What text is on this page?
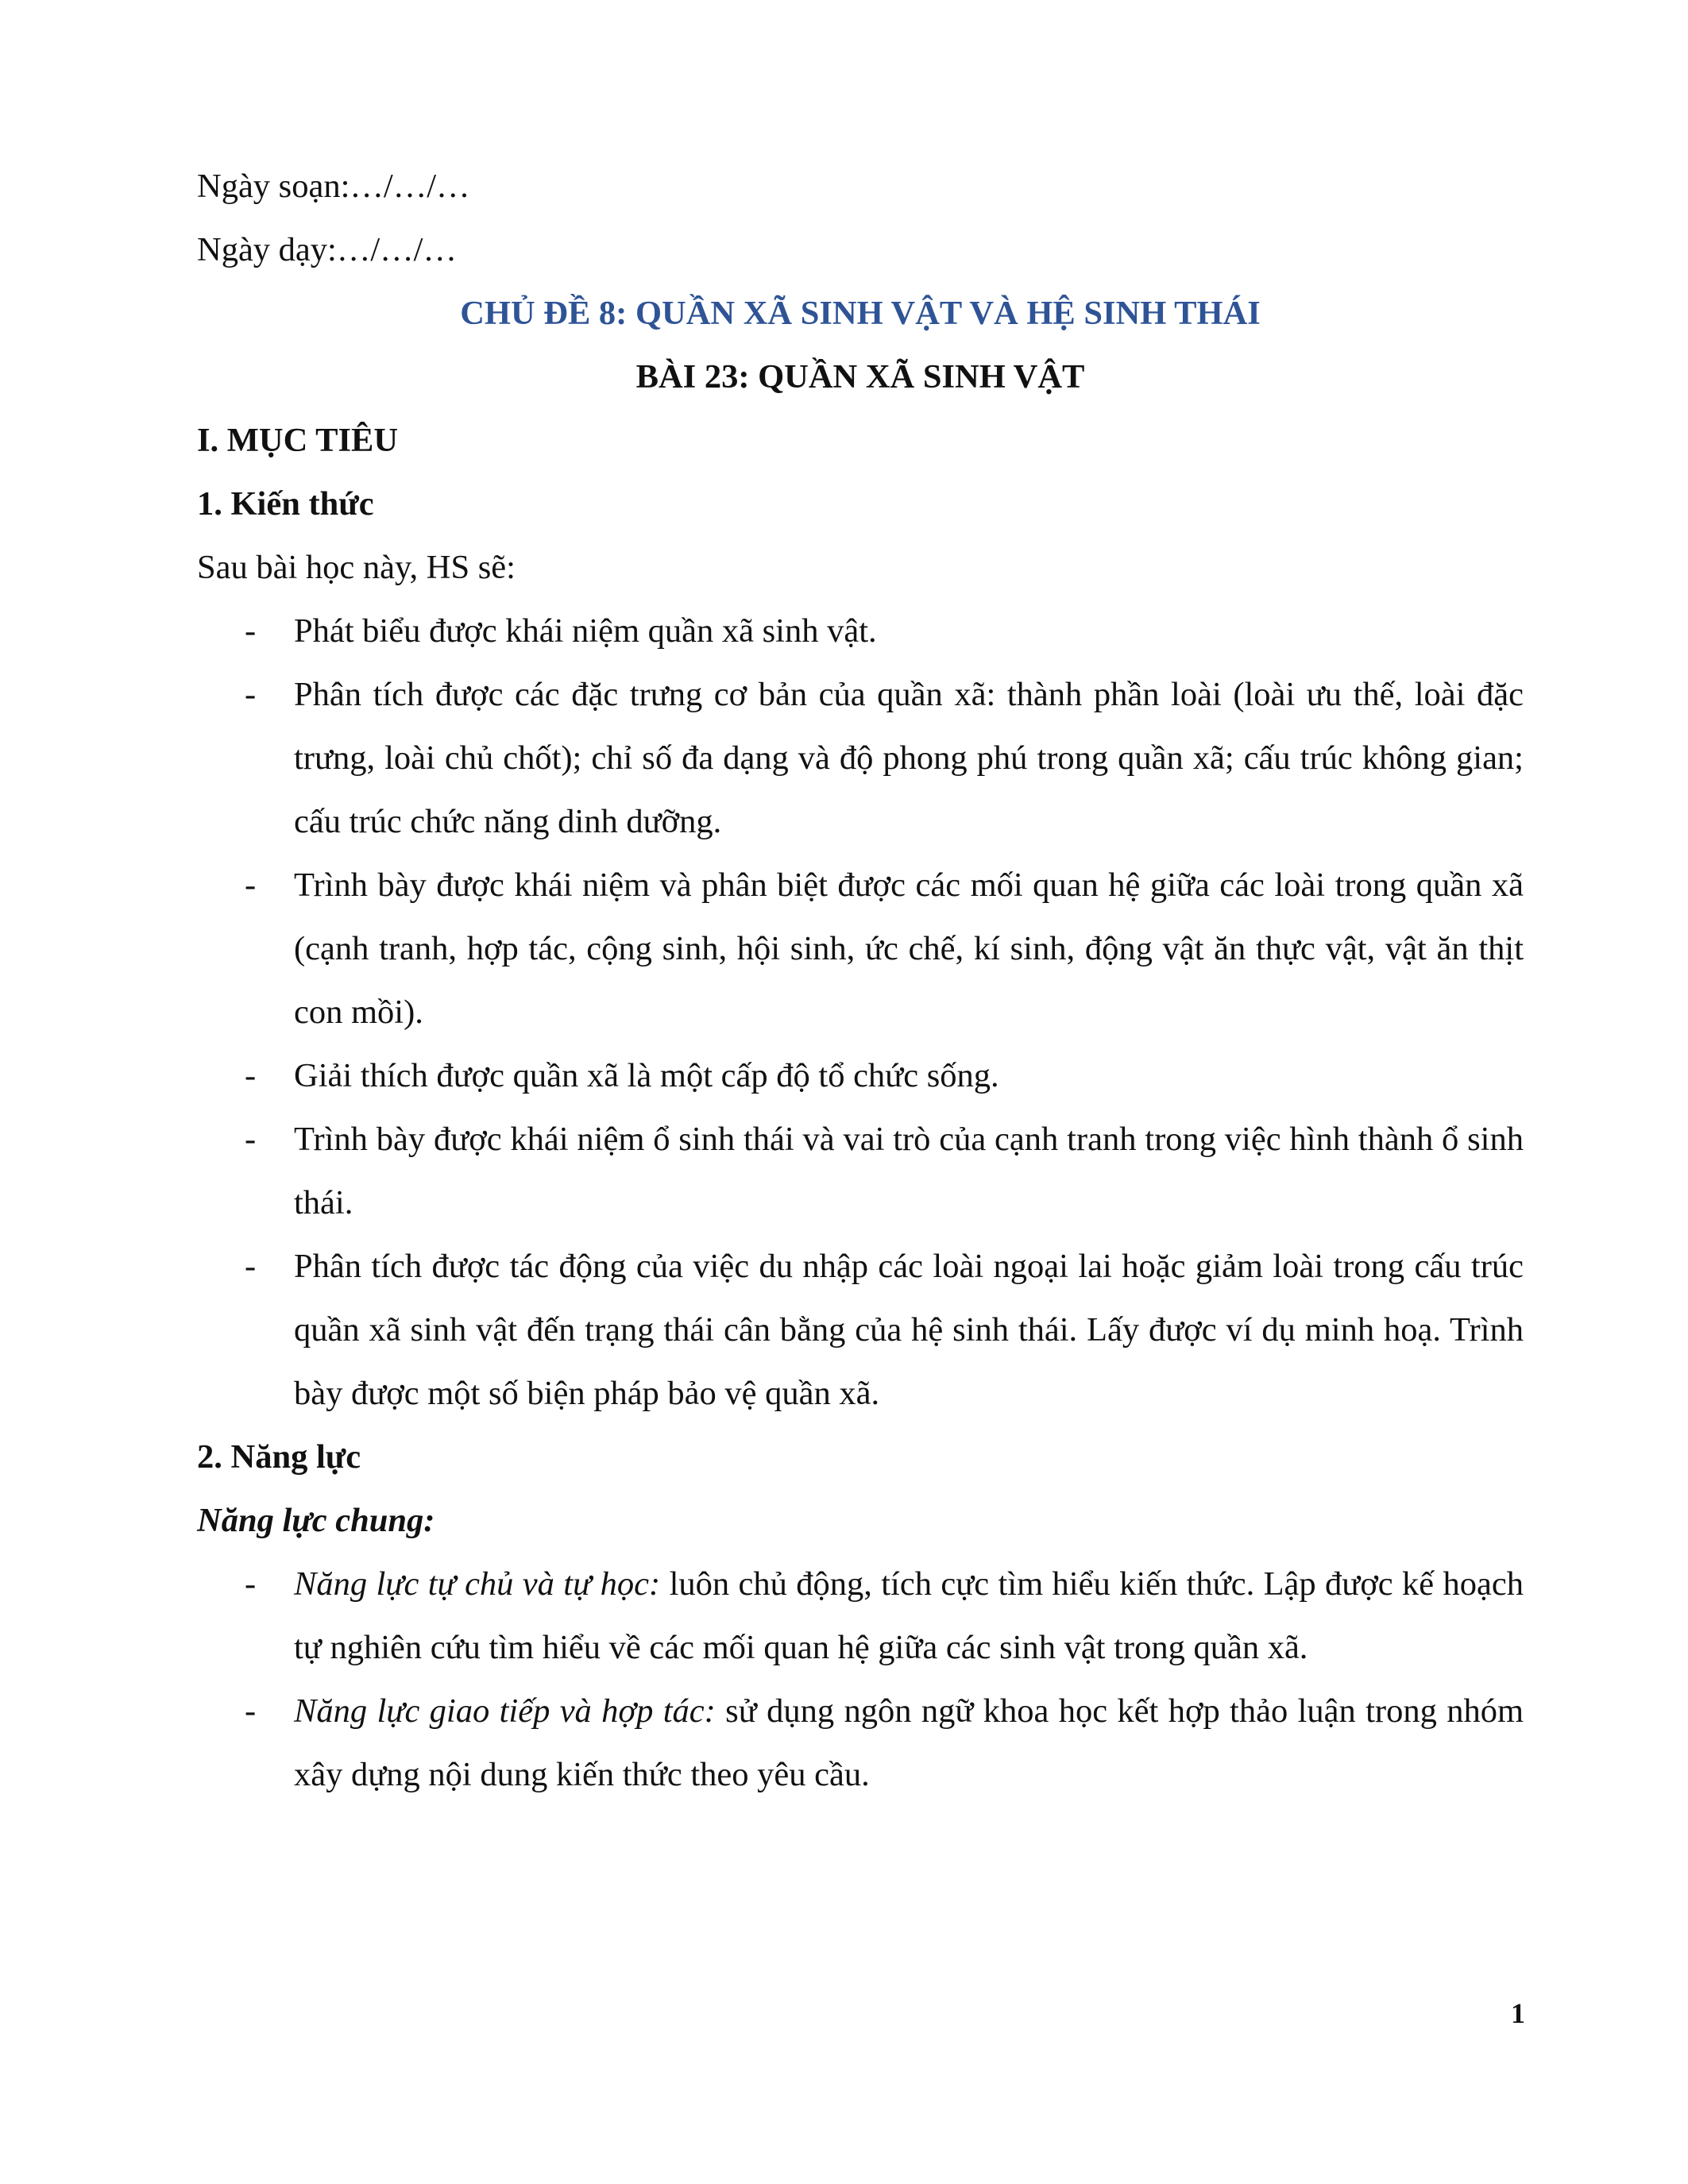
Ngày soạn:…/…/…

Ngày dạy:…/…/…

CHỦ ĐỀ 8: QUẦN XÃ SINH VẬT VÀ HỆ SINH THÁI

BÀI 23: QUẦN XÃ SINH VẬT

I. MỤC TIÊU

1. Kiến thức

Sau bài học này, HS sẽ:

- Phát biểu được khái niệm quần xã sinh vật.
- Phân tích được các đặc trưng cơ bản của quần xã: thành phần loài (loài ưu thế, loài đặc trưng, loài chủ chốt); chỉ số đa dạng và độ phong phú trong quần xã; cấu trúc không gian; cấu trúc chức năng dinh dưỡng.
- Trình bày được khái niệm và phân biệt được các mối quan hệ giữa các loài trong quần xã (cạnh tranh, hợp tác, cộng sinh, hội sinh, ức chế, kí sinh, động vật ăn thực vật, vật ăn thịt con mồi).
- Giải thích được quần xã là một cấp độ tổ chức sống.
- Trình bày được khái niệm ổ sinh thái và vai trò của cạnh tranh trong việc hình thành ổ sinh thái.
- Phân tích được tác động của việc du nhập các loài ngoại lai hoặc giảm loài trong cấu trúc quần xã sinh vật đến trạng thái cân bằng của hệ sinh thái. Lấy được ví dụ minh hoạ. Trình bày được một số biện pháp bảo vệ quần xã.

2. Năng lực

Năng lực chung:

- Năng lực tự chủ và tự học: luôn chủ động, tích cực tìm hiểu kiến thức. Lập được kế hoạch tự nghiên cứu tìm hiểu về các mối quan hệ giữa các sinh vật trong quần xã.
- Năng lực giao tiếp và hợp tác: sử dụng ngôn ngữ khoa học kết hợp thảo luận trong nhóm xây dựng nội dung kiến thức theo yêu cầu.
1
